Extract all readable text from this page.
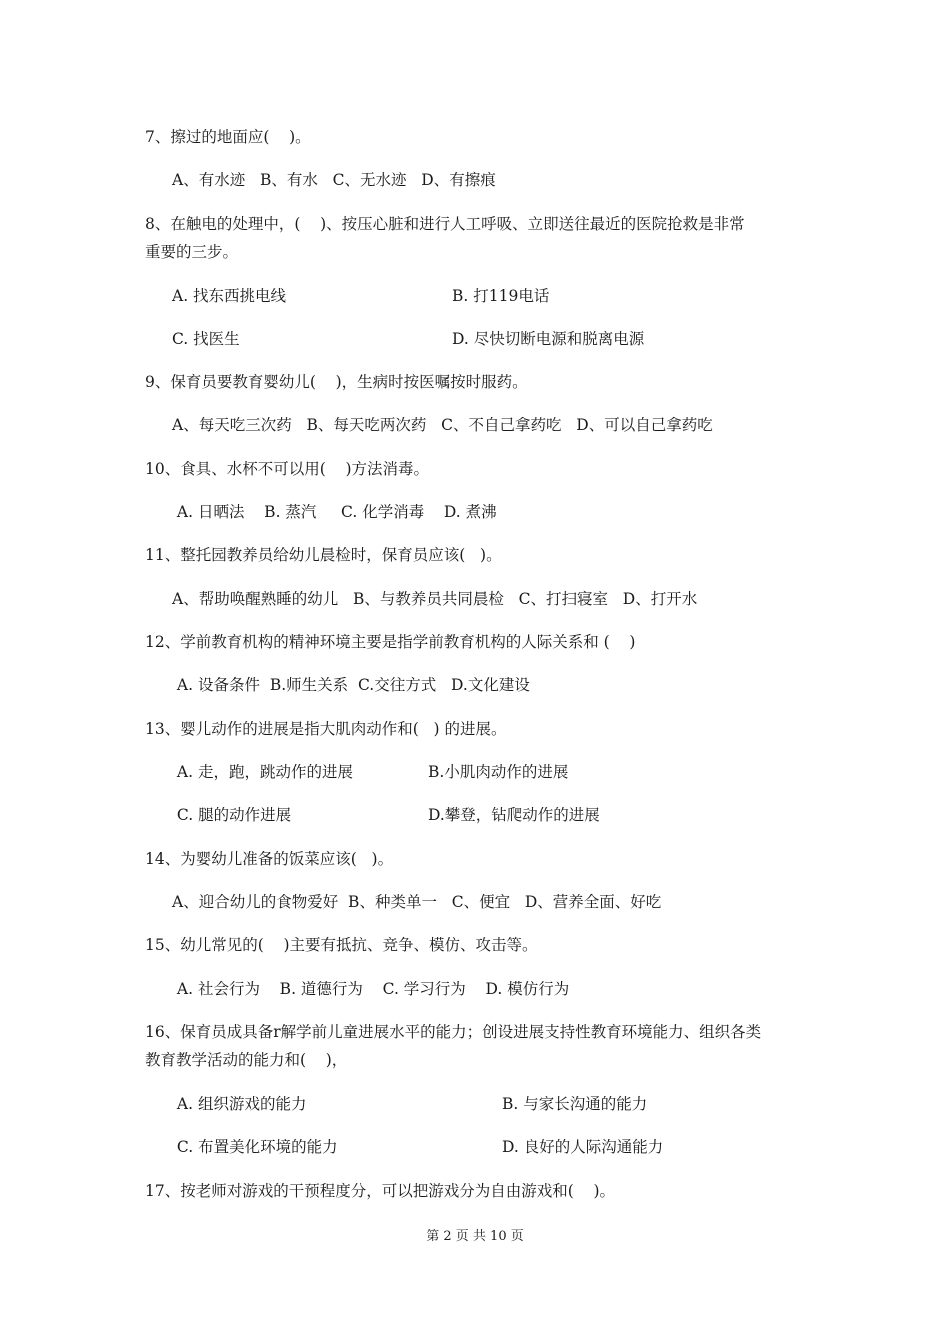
7、擦过的地面应(    )。
A、有水迹   B、有水   C、无水迹   D、有擦痕
8、在触电的处理中，(    )、按压心脏和进行人工呼吸、立即送往最近的医院抢救是非常
重要的三步。
A. 找东西挑电线	B. 打119电话
C. 找医生	D. 尽快切断电源和脱离电源
9、保育员要教育婴幼儿(    )，生病时按医嘱按时服药。
A、每天吃三次药   B、每天吃两次药   C、不自己拿药吃   D、可以自己拿药吃
10、食具、水杯不可以用(    )方法消毒。
A. 日晒法    B. 蒸汽     C. 化学消毒    D. 煮沸
11、整托园教养员给幼儿晨检时，保育员应该(   )。
A、帮助唤醒熟睡的幼儿   B、与教养员共同晨检   C、打扫寝室   D、打开水
12、学前教育机构的精神环境主要是指学前教育机构的人际关系和 (    )
A. 设备条件  B.师生关系  C.交往方式   D.文化建设
13、婴儿动作的进展是指大肌肉动作和(   ) 的进展。
A. 走，跑，跳动作的进展	B.小肌肉动作的进展
C. 腿的动作进展	D.攀登，钻爬动作的进展
14、为婴幼儿准备的饭菜应该(   )。
A、迎合幼儿的食物爱好  B、种类单一   C、便宜   D、营养全面、好吃
15、幼儿常见的(    )主要有抵抗、竞争、模仿、攻击等。
A. 社会行为    B. 道德行为    C. 学习行为    D. 模仿行为
16、保育员成具备r解学前儿童进展水平的能力；创设进展支持性教育环境能力、组织各类
教育教学活动的能力和(    )，
A. 组织游戏的能力	B. 与家长沟通的能力
C. 布置美化环境的能力	D. 良好的人际沟通能力
17、按老师对游戏的干预程度分，可以把游戏分为自由游戏和(    )。
第 2 页 共 10 页
